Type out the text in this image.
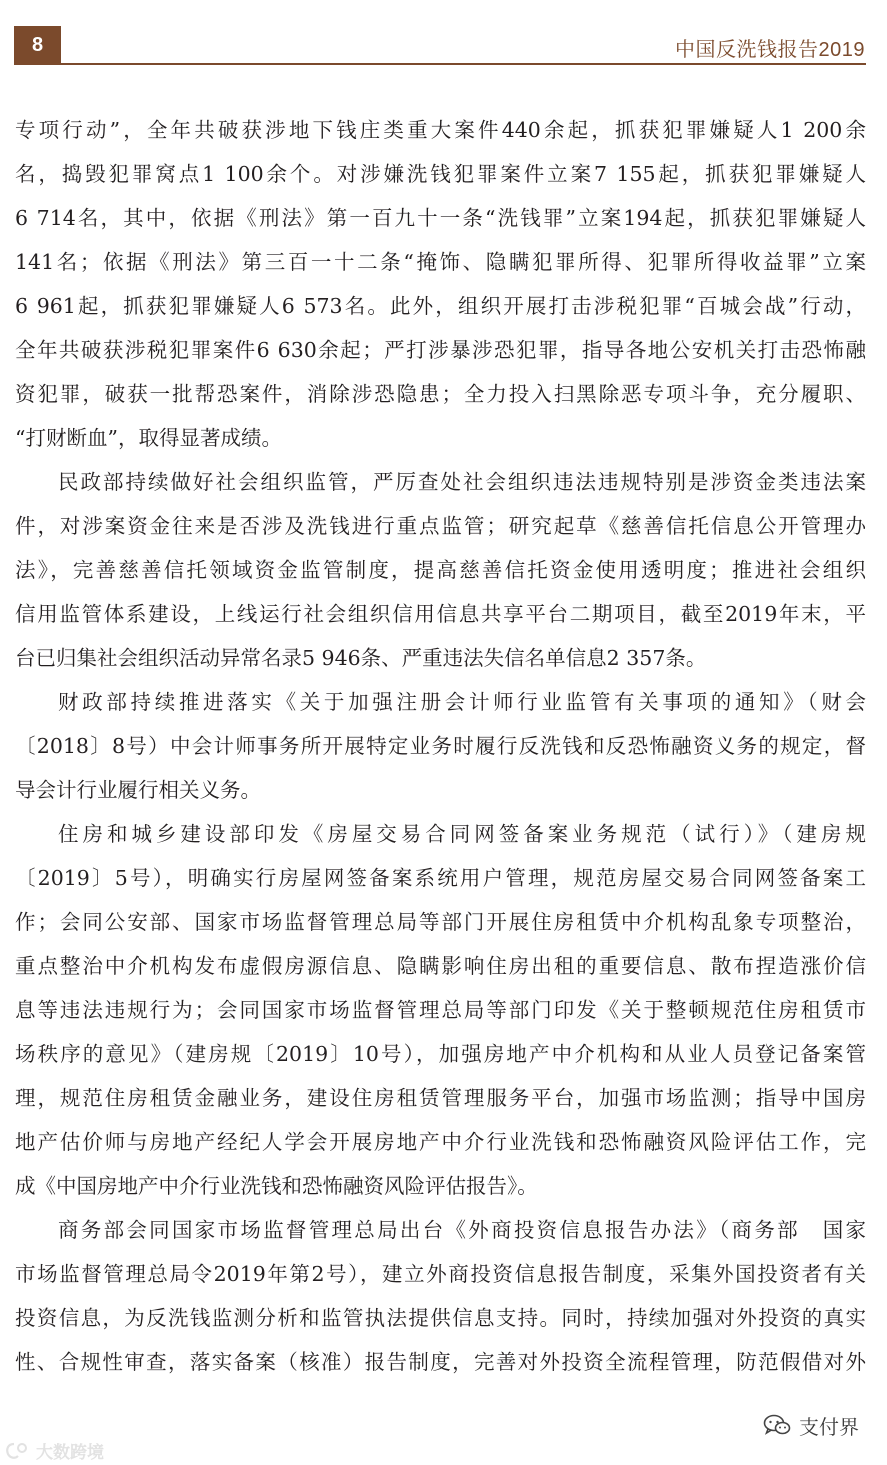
8	中国反洗钱报告2019
专项行动”，全年共破获涉地下钱庄类重大案件440余起，抓获犯罪嫌疑人1 200余
名，捣毁犯罪窝点1 100余个。对涉嫌洗钱犯罪案件立案7 155起，抓获犯罪嫌疑人
6 714名，其中，依据《刑法》第一百九十一条“洗钱罪”立案194起，抓获犯罪嫌疑人
141名；依据《刑法》第三百一十二条“掩饰、隐瞒犯罪所得、犯罪所得收益罪”立案
6 961起，抓获犯罪嫌疑人6 573名。此外，组织开展打击涉税犯罪“百城会战”行动，
全年共破获涉税犯罪案件6 630余起；严打涉暴涉恐犯罪，指导各地公安机关打击恐怖融
资犯罪，破获一批帮恐案件，消除涉恐隐患；全力投入扫黑除恶专项斗争，充分履职、
“打财断血”，取得显著成绩。
民政部持续做好社会组织监管，严厉查处社会组织违法违规特别是涉资金类违法案
件，对涉案资金往来是否涉及洗钱进行重点监管；研究起草《慈善信托信息公开管理办
法》，完善慈善信托领域资金监管制度，提高慈善信托资金使用透明度；推进社会组织
信用监管体系建设，上线运行社会组织信用信息共享平台二期项目，截至2019年末，平
台已归集社会组织活动异常名录5 946条、严重违法失信名单信息2 357条。
财政部持续推进落实《关于加强注册会计师行业监管有关事项的通知》（财会
〔2018〕8号）中会计师事务所开展特定业务时履行反洗钱和反恐怖融资义务的规定，督
导会计行业履行相关义务。
住房和城乡建设部印发《房屋交易合同网签备案业务规范（试行）》（建房规
〔2019〕5号），明确实行房屋网签备案系统用户管理，规范房屋交易合同网签备案工
作；会同公安部、国家市场监督管理总局等部门开展住房租赁中介机构乱象专项整治，
重点整治中介机构发布虚假房源信息、隐瞒影响住房出租的重要信息、散布捏造涨价信
息等违法违规行为；会同国家市场监督管理总局等部门印发《关于整顿规范住房租赁市
场秩序的意见》（建房规〔2019〕10号），加强房地产中介机构和从业人员登记备案管
理，规范住房租赁金融业务，建设住房租赁管理服务平台，加强市场监测；指导中国房
地产估价师与房地产经纪人学会开展房地产中介行业洗钱和恐怖融资风险评估工作，完
成《中国房地产中介行业洗钱和恐怖融资风险评估报告》。
商务部会同国家市场监督管理总局出台《外商投资信息报告办法》（商务部　国家
市场监督管理总局令2019年第2号），建立外商投资信息报告制度，采集外国投资者有关
投资信息，为反洗钱监测分析和监管执法提供信息支持。同时，持续加强对外投资的真实
性、合规性审查，落实备案（核准）报告制度，完善对外投资全流程管理，防范假借对外
支付界
大数跨境
